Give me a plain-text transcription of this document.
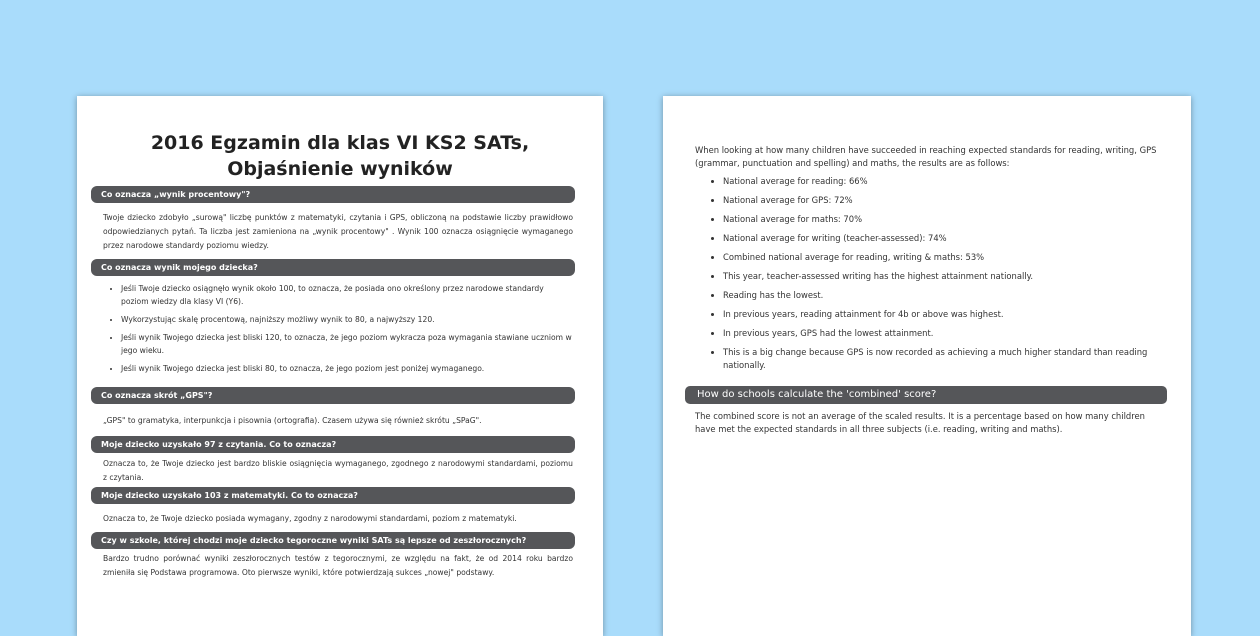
2016 Egzamin dla klas VI KS2 SATs,
Objaśnienie wyników
Co oznacza „wynik procentowy"?
Twoje dziecko zdobyło „surową" liczbę punktów z matematyki, czytania i GPS, obliczoną na podstawie liczby prawidłowo odpowiedzianych pytań. Ta liczba jest zamieniona na „wynik procentowy" . Wynik 100 oznacza osiągnięcie wymaganego przez narodowe standardy poziomu wiedzy.
Co oznacza wynik mojego dziecka?
• Jeśli Twoje dziecko osiągnęło wynik około 100, to oznacza, że posiada ono określony przez narodowe standardy poziom wiedzy dla klasy VI (Y6).
• Wykorzystując skalę procentową, najniższy możliwy wynik to 80, a najwyższy 120.
• Jeśli wynik Twojego dziecka jest bliski 120, to oznacza, że jego poziom wykracza poza wymagania stawiane uczniom w jego wieku.
• Jeśli wynik Twojego dziecka jest bliski 80, to oznacza, że jego poziom jest poniżej wymaganego.
Co oznacza skrót „GPS"?
„GPS" to gramatyka, interpunkcja i pisownia (ortografia). Czasem używa się również skrótu „SPaG".
Moje dziecko uzyskało 97 z czytania. Co to oznacza?
Oznacza to, że Twoje dziecko jest bardzo bliskie osiągnięcia wymaganego, zgodnego z narodowymi standardami, poziomu z czytania.
Moje dziecko uzyskało 103 z matematyki. Co to oznacza?
Oznacza to, że Twoje dziecko posiada wymagany, zgodny z narodowymi standardami, poziom z matematyki.
Czy w szkole, której chodzi moje dziecko tegoroczne wyniki SATs są lepsze od zeszłorocznych?
Bardzo trudno porównać wyniki zeszłorocznych testów z tegorocznymi, ze względu na fakt, że od 2014 roku bardzo zmieniła się Podstawa programowa. Oto pierwsze wyniki, które potwierdzają sukces „nowej" podstawy.
When looking at how many children have succeeded in reaching expected standards for reading, writing, GPS (grammar, punctuation and spelling) and maths, the results are as follows:
• National average for reading: 66%
• National average for GPS: 72%
• National average for maths: 70%
• National average for writing (teacher-assessed): 74%
• Combined national average for reading, writing & maths: 53%
• This year, teacher-assessed writing has the highest attainment nationally.
• Reading has the lowest.
• In previous years, reading attainment for 4b or above was highest.
• In previous years, GPS had the lowest attainment.
• This is a big change because GPS is now recorded as achieving a much higher standard than reading nationally.
How do schools calculate the 'combined' score?
The combined score is not an average of the scaled results. It is a percentage based on how many children have met the expected standards in all three subjects (i.e. reading, writing and maths).
